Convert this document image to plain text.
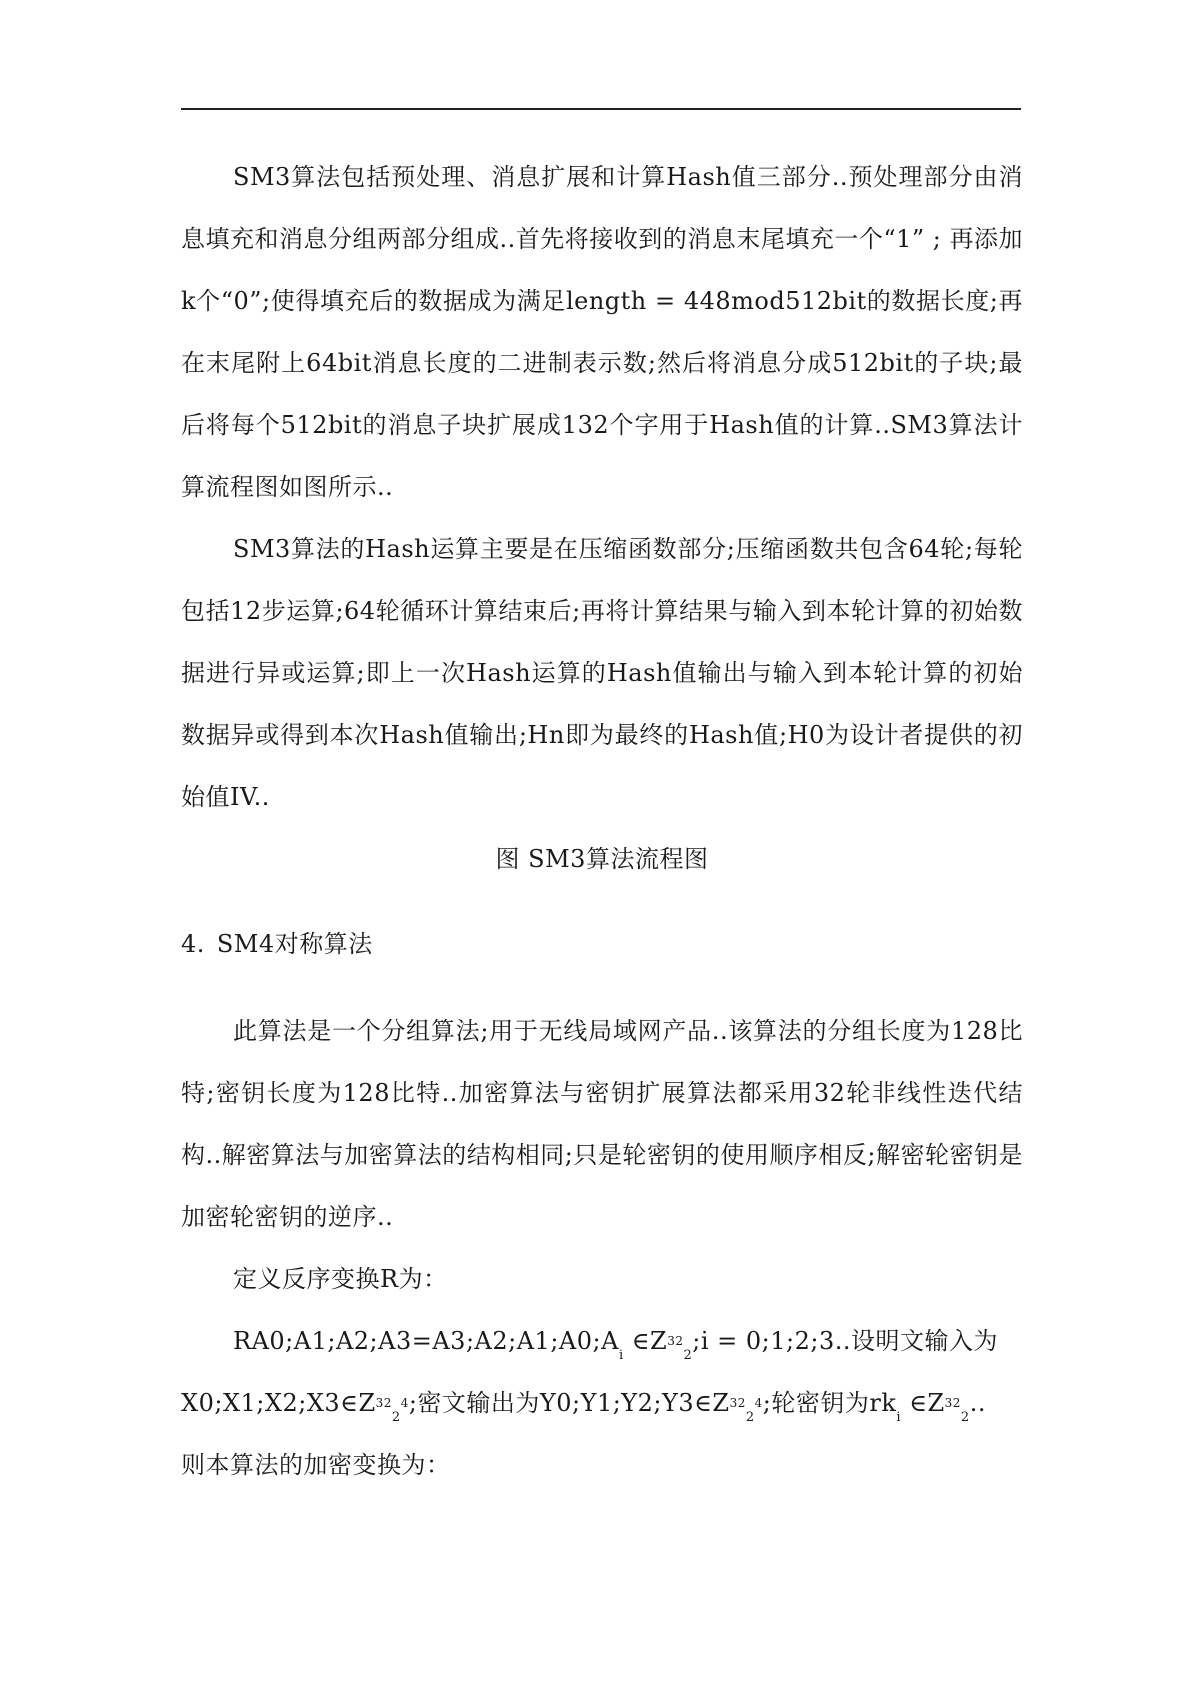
SM3算法包括预处理、消息扩展和计算Hash值三部分..预处理部分由消息填充和消息分组两部分组成..首先将接收到的消息末尾填充一个“1” ; 再添加k个“0”;使得填充后的数据成为满足length = 448mod512bit的数据长度;再在末尾附上64bit消息长度的二进制表示数;然后将消息分成512bit的子块;最后将每个512bit的消息子块扩展成132个字用于Hash值的计算..SM3算法计算流程图如图所示..

SM3算法的Hash运算主要是在压缩函数部分;压缩函数共包含64轮;每轮包括12步运算;64轮循环计算结束后;再将计算结果与输入到本轮计算的初始数据进行异或运算;即上一次Hash运算的Hash值输出与输入到本轮计算的初始数据异或得到本次Hash值输出;Hn即为最终的Hash值;H0为设计者提供的初始值IV..

图 SM3算法流程图

4. SM4对称算法

此算法是一个分组算法;用于无线局域网产品..该算法的分组长度为128比特;密钥长度为128比特..加密算法与密钥扩展算法都采用32轮非线性迭代结构..解密算法与加密算法的结构相同;只是轮密钥的使用顺序相反;解密轮密钥是加密轮密钥的逆序..

定义反序变换R为：

$RA0;A1;A2;A3=A3;A2;A1;A0;A_i$ $\in Z32_2;i$ = 0;1;2;3..设明文输入为

$X0;X1;X2;X3\in Z32_24$;密文输出为$Y0;Y1;Y2;Y3\in Z32_24$;轮密钥为$rk_i$ $\in Z32_2$..

则本算法的加密变换为：
